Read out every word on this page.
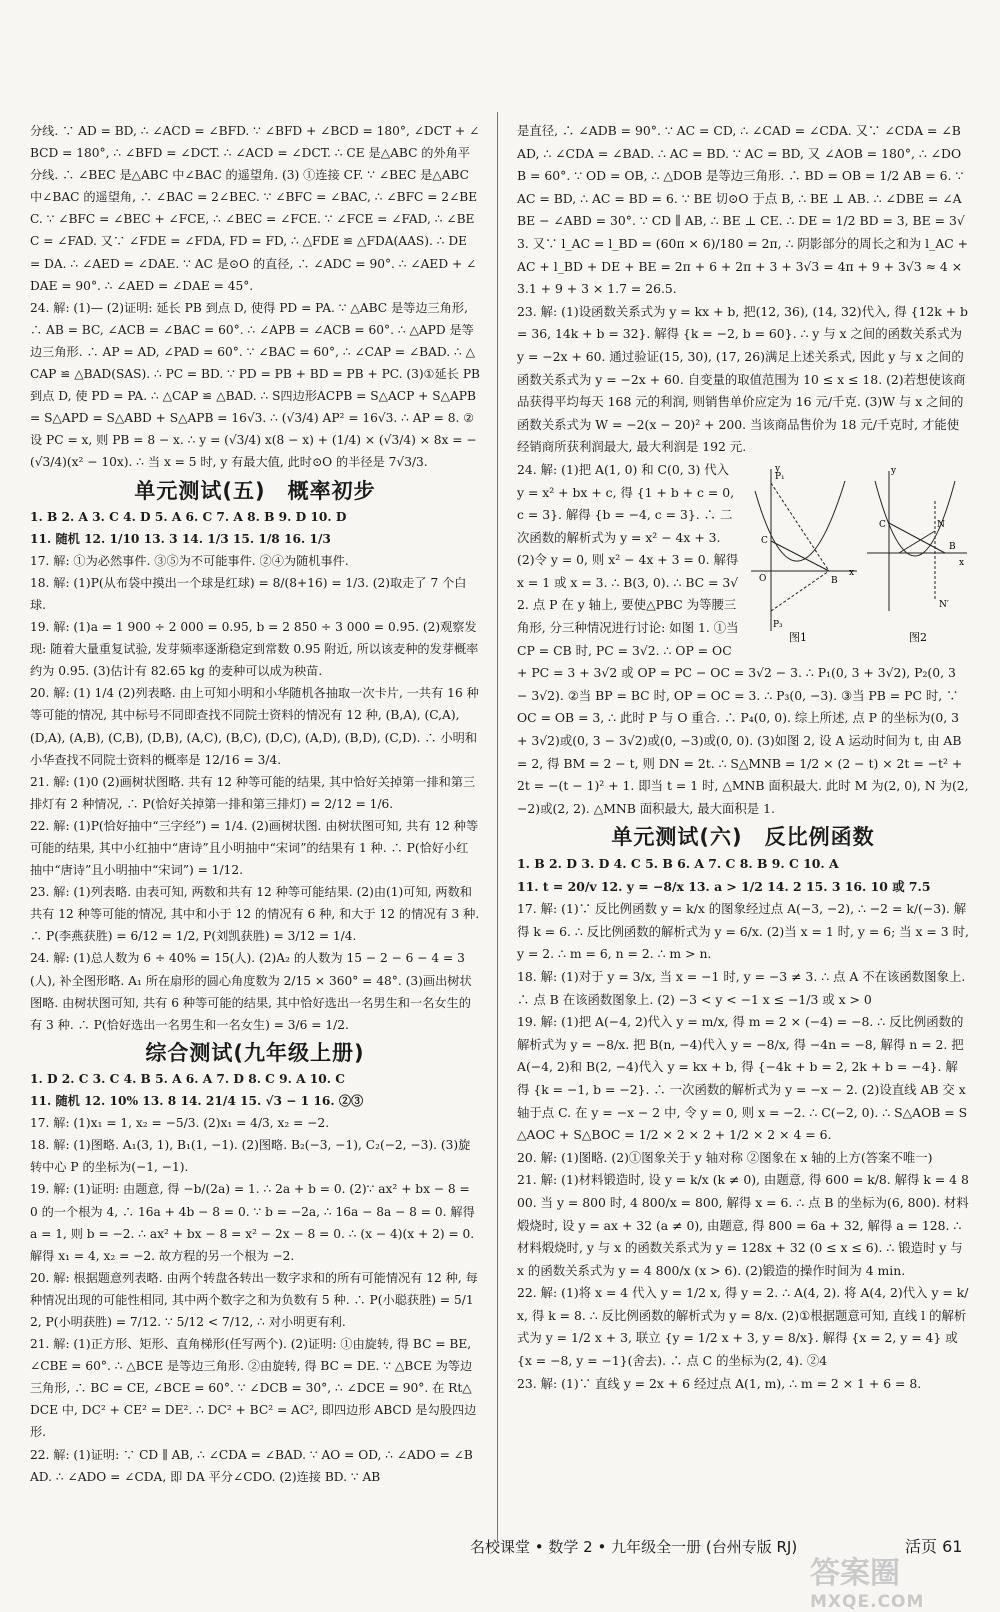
分线. ∵ AD = BD, ∴ ∠ACD = ∠BFD. ∵ ∠BFD + ∠BCD = 180°, ∠DCT + ∠BCD = 180°, ∴ ∠BFD = ∠DCT. ∴ ∠ACD = ∠DCT. ∴ CE 是△ABC 的外角平分线. ∴ ∠BEC 是△ABC 中∠BAC 的遥望角. (3) ①连接 CF. ∵ ∠BEC 是△ABC 中∠BAC 的遥望角, ∴ ∠BAC = 2∠BEC. ∵ ∠BFC = ∠BAC, ∴ ∠BFC = 2∠BEC. ∵ ∠BFC = ∠BEC + ∠FCE, ∴ ∠BEC = ∠FCE. ∵ ∠FCE = ∠FAD, ∴ ∠BEC = ∠FAD. 又∵ ∠FDE = ∠FDA, FD = FD, ∴ △FDE ≌ △FDA(AAS). ∴ DE = DA. ∴ ∠AED = ∠DAE. ∵ AC 是⊙O 的直径, ∴ ∠ADC = 90°. ∴ ∠AED + ∠DAE = 90°. ∴ ∠AED = ∠DAE = 45°.

24. 解: (1)— (2)证明: 延长 PB 到点 D, 使得 PD = PA. ∵ △ABC 是等边三角形, ∴ AB = BC, ∠ACB = ∠BAC = 60°. ∴ ∠APB = ∠ACB = 60°. ∴ △APD 是等边三角形. ∴ AP = AD, ∠PAD = 60°. ∵ ∠BAC = 60°, ∴ ∠CAP = ∠BAD. ∴ △CAP ≌ △BAD(SAS). ∴ PC = BD. ∵ PD = PB + BD = PB + PC. (3)①延长 PB 到点 D, 使 PD = PA. ∴ △CAP ≌ △BAD. ∴ S四边形ACPB = S△ACP + S△APB = S△APD = S△ABD + S△APB = 16√3. ∴ (√3/4) AP² = 16√3. ∴ AP = 8. ②设 PC = x, 则 PB = 8 − x. ∴ y = (√3/4) x(8 − x) + (1/4) × (√3/4) × 8x = −(√3/4)(x² − 10x). ∴ 当 x = 5 时, y 有最大值, 此时⊙O 的半径是 7√3/3.

单元测试(五) 概率初步

1. B 2. A 3. C 4. D 5. A 6. C 7. A 8. B 9. D 10. D

11. 随机 12. 1/10 13. 3 14. 1/3 15. 1/8 16. 1/3

17. 解: ①为必然事件. ③⑤为不可能事件. ②④为随机事件.

18. 解: (1)P(从布袋中摸出一个球是红球) = 8/(8+16) = 1/3. (2)取走了 7 个白球.

19. 解: (1)a = 1 900 ÷ 2 000 = 0.95, b = 2 850 ÷ 3 000 = 0.95. (2)观察发现: 随着大量重复试验, 发芽频率逐渐稳定到常数 0.95 附近, 所以该麦种的发芽概率约为 0.95. (3)估计有 82.65 kg 的麦种可以成为秧苗.

20. 解: (1) 1/4 (2)列表略. 由上可知小明和小华随机各抽取一次卡片, 一共有 16 种等可能的情况, 其中标号不同即查找不同院士资料的情况有 12 种, (B,A), (C,A), (D,A), (A,B), (C,B), (D,B), (A,C), (B,C), (D,C), (A,D), (B,D), (C,D). ∴ 小明和小华查找不同院士资料的概率是 12/16 = 3/4.

21. 解: (1)0 (2)画树状图略. 共有 12 种等可能的结果, 其中恰好关掉第一排和第三排灯有 2 种情况, ∴ P(恰好关掉第一排和第三排灯) = 2/12 = 1/6.

22. 解: (1)P(恰好抽中“三字经”) = 1/4. (2)画树状图. 由树状图可知, 共有 12 种等可能的结果, 其中小红抽中“唐诗”且小明抽中“宋词”的结果有 1 种. ∴ P(恰好小红抽中“唐诗”且小明抽中“宋词”) = 1/12.

23. 解: (1)列表略. 由表可知, 两数和共有 12 种等可能结果. (2)由(1)可知, 两数和共有 12 种等可能的情况, 其中和小于 12 的情况有 6 种, 和大于 12 的情况有 3 种. ∴ P(李燕获胜) = 6/12 = 1/2, P(刘凯获胜) = 3/12 = 1/4.

24. 解: (1)总人数为 6 ÷ 40% = 15(人). (2)A₂ 的人数为 15 − 2 − 6 − 4 = 3(人), 补全图形略. A₁ 所在扇形的圆心角度数为 2/15 × 360° = 48°. (3)画出树状图略. 由树状图可知, 共有 6 种等可能的结果, 其中恰好选出一名男生和一名女生的有 3 种. ∴ P(恰好选出一名男生和一名女生) = 3/6 = 1/2.

综合测试(九年级上册)

1. D 2. C 3. C 4. B 5. A 6. A 7. D 8. C 9. A 10. C

11. 随机 12. 10% 13. 8 14. 21/4 15. √3 − 1 16. ②③

17. 解: (1)x₁ = 1, x₂ = −5/3. (2)x₁ = 4/3, x₂ = −2.

18. 解: (1)图略. A₁(3, 1), B₁(1, −1). (2)图略. B₂(−3, −1), C₂(−2, −3). (3)旋转中心 P 的坐标为(−1, −1).

19. 解: (1)证明: 由题意, 得 −b/(2a) = 1. ∴ 2a + b = 0. (2)∵ ax² + bx − 8 = 0 的一个根为 4, ∴ 16a + 4b − 8 = 0. ∵ b = −2a, ∴ 16a − 8a − 8 = 0. 解得 a = 1, 则 b = −2. ∴ ax² + bx − 8 = x² − 2x − 8 = 0. ∴ (x − 4)(x + 2) = 0. 解得 x₁ = 4, x₂ = −2. 故方程的另一个根为 −2.

20. 解: 根据题意列表略. 由两个转盘各转出一数字求和的所有可能情况有 12 种, 每种情况出现的可能性相同, 其中两个数字之和为负数有 5 种. ∴ P(小聪获胜) = 5/12, P(小明获胜) = 7/12. ∵ 5/12 < 7/12, ∴ 对小明更有利.

21. 解: (1)正方形、矩形、直角梯形(任写两个). (2)证明: ①由旋转, 得 BC = BE, ∠CBE = 60°. ∴ △BCE 是等边三角形. ②由旋转, 得 BC = DE. ∵ △BCE 为等边三角形, ∴ BC = CE, ∠BCE = 60°. ∵ ∠DCB = 30°, ∴ ∠DCE = 90°. 在 Rt△DCE 中, DC² + CE² = DE². ∴ DC² + BC² = AC², 即四边形 ABCD 是勾股四边形.

22. 解: (1)证明: ∵ CD ∥ AB, ∴ ∠CDA = ∠BAD. ∵ AO = OD, ∴ ∠ADO = ∠BAD. ∴ ∠ADO = ∠CDA, 即 DA 平分∠CDO. (2)连接 BD. ∵ AB

是直径, ∴ ∠ADB = 90°. ∵ AC = CD, ∴ ∠CAD = ∠CDA. 又∵ ∠CDA = ∠BAD, ∴ ∠CDA = ∠BAD. ∴ AC = BD. ∵ AC = BD, 又 ∠AOB = 180°, ∴ ∠DOB = 60°. ∵ OD = OB, ∴ △DOB 是等边三角形. ∴ BD = OB = 1/2 AB = 6. ∵ AC = BD, ∴ AC = BD = 6. ∵ BE 切⊙O 于点 B, ∴ BE ⊥ AB. ∴ ∠DBE = ∠ABE − ∠ABD = 30°. ∵ CD ∥ AB, ∴ BE ⊥ CE. ∴ DE = 1/2 BD = 3, BE = 3√3. 又∵ l_AC = l_BD = (60π × 6)/180 = 2π, ∴ 阴影部分的周长之和为 l_AC + AC + l_BD + DE + BE = 2π + 6 + 2π + 3 + 3√3 = 4π + 9 + 3√3 ≈ 4 × 3.1 + 9 + 3 × 1.7 = 26.5.

23. 解: (1)设函数关系式为 y = kx + b, 把(12, 36), (14, 32)代入, 得 {12k + b = 36, 14k + b = 32}. 解得 {k = −2, b = 60}. ∴ y 与 x 之间的函数关系式为 y = −2x + 60. 通过验证(15, 30), (17, 26)满足上述关系式, 因此 y 与 x 之间的函数关系式为 y = −2x + 60. 自变量的取值范围为 10 ≤ x ≤ 18. (2)若想使该商品获得平均每天 168 元的利润, 则销售单价应定为 16 元/千克. (3)W 与 x 之间的函数关系式为 W = −2(x − 20)² + 200. 当该商品售价为 18 元/千克时, 才能使经销商所获利润最大, 最大利润是 192 元.

P₁
C
O	B
P₃
x
y
图1
y
C	N
B
N′
x
图2

24. 解: (1)把 A(1, 0) 和 C(0, 3) 代入 y = x² + bx + c, 得 {1 + b + c = 0, c = 3}. 解得 {b = −4, c = 3}. ∴ 二次函数的解析式为 y = x² − 4x + 3. (2)令 y = 0, 则 x² − 4x + 3 = 0. 解得 x = 1 或 x = 3. ∴ B(3, 0). ∴ BC = 3√2. 点 P 在 y 轴上, 要使△PBC 为等腰三角形, 分三种情况进行讨论: 如图 1. ①当 CP = CB 时, PC = 3√2. ∴ OP = OC + PC = 3 + 3√2 或 OP = PC − OC = 3√2 − 3. ∴ P₁(0, 3 + 3√2), P₂(0, 3 − 3√2). ②当 BP = BC 时, OP = OC = 3. ∴ P₃(0, −3). ③当 PB = PC 时, ∵ OC = OB = 3, ∴ 此时 P 与 O 重合. ∴ P₄(0, 0). 综上所述, 点 P 的坐标为(0, 3 + 3√2)或(0, 3 − 3√2)或(0, −3)或(0, 0). (3)如图 2, 设 A 运动时间为 t, 由 AB = 2, 得 BM = 2 − t, 则 DN = 2t. ∴ S△MNB = 1/2 × (2 − t) × 2t = −t² + 2t = −(t − 1)² + 1. 即当 t = 1 时, △MNB 面积最大. 此时 M 为(2, 0), N 为(2, −2)或(2, 2). △MNB 面积最大, 最大面积是 1.

单元测试(六) 反比例函数

1. B 2. D 3. D 4. C 5. B 6. A 7. C 8. B 9. C 10. A

11. t = 20/v 12. y = −8/x 13. a > 1/2 14. 2 15. 3 16. 10 或 7.5

17. 解: (1)∵ 反比例函数 y = k/x 的图象经过点 A(−3, −2), ∴ −2 = k/(−3). 解得 k = 6. ∴ 反比例函数的解析式为 y = 6/x. (2)当 x = 1 时, y = 6; 当 x = 3 时, y = 2. ∴ m = 6, n = 2. ∴ m > n.

18. 解: (1)对于 y = 3/x, 当 x = −1 时, y = −3 ≠ 3. ∴ 点 A 不在该函数图象上. ∴ 点 B 在该函数图象上. (2) −3 < y < −1 x ≤ −1/3 或 x > 0

19. 解: (1)把 A(−4, 2)代入 y = m/x, 得 m = 2 × (−4) = −8. ∴ 反比例函数的解析式为 y = −8/x. 把 B(n, −4)代入 y = −8/x, 得 −4n = −8, 解得 n = 2. 把 A(−4, 2)和 B(2, −4)代入 y = kx + b, 得 {−4k + b = 2, 2k + b = −4}. 解得 {k = −1, b = −2}. ∴ 一次函数的解析式为 y = −x − 2. (2)设直线 AB 交 x 轴于点 C. 在 y = −x − 2 中, 令 y = 0, 则 x = −2. ∴ C(−2, 0). ∴ S△AOB = S△AOC + S△BOC = 1/2 × 2 × 2 + 1/2 × 2 × 4 = 6.

20. 解: (1)图略. (2)①图象关于 y 轴对称 ②图象在 x 轴的上方(答案不唯一)

21. 解: (1)材料锻造时, 设 y = k/x (k ≠ 0), 由题意, 得 600 = k/8. 解得 k = 4 800. 当 y = 800 时, 4 800/x = 800, 解得 x = 6. ∴ 点 B 的坐标为(6, 800). 材料煅烧时, 设 y = ax + 32 (a ≠ 0), 由题意, 得 800 = 6a + 32, 解得 a = 128. ∴ 材料煅烧时, y 与 x 的函数关系式为 y = 128x + 32 (0 ≤ x ≤ 6). ∴ 锻造时 y 与 x 的函数关系式为 y = 4 800/x (x > 6). (2)锻造的操作时间为 4 min.

22. 解: (1)将 x = 4 代入 y = 1/2 x, 得 y = 2. ∴ A(4, 2). 将 A(4, 2)代入 y = k/x, 得 k = 8. ∴ 反比例函数的解析式为 y = 8/x. (2)①根据题意可知, 直线 l 的解析式为 y = 1/2 x + 3, 联立 {y = 1/2 x + 3, y = 8/x}. 解得 {x = 2, y = 4} 或 {x = −8, y = −1}(舍去). ∴ 点 C 的坐标为(2, 4). ②4

23. 解: (1)∵ 直线 y = 2x + 6 经过点 A(1, m), ∴ m = 2 × 1 + 6 = 8.

名校课堂 • 数学 2 • 九年级全一册 (台州专版 RJ)	活页 61
答案圈
MXQE.COM
